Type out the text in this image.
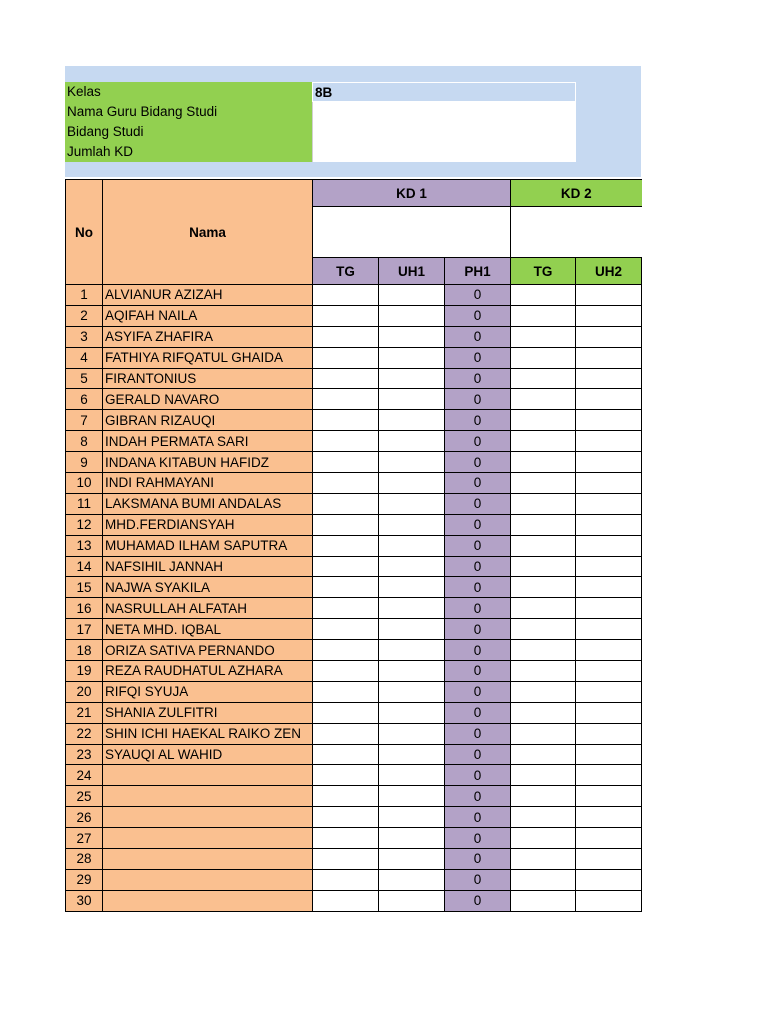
Kelas	8B
Nama Guru Bidang Studi
Bidang Studi
Jumlah KD
No	Nama	KD 1			KD 2	

		TG	UH1	PH1	TG	UH2
1	ALVIANUR AZIZAH			0		
2	AQIFAH NAILA			0		
3	ASYIFA ZHAFIRA			0		
4	FATHIYA RIFQATUL GHAIDA			0		
5	FIRANTONIUS			0		
6	GERALD NAVARO			0		
7	GIBRAN RIZAUQI			0		
8	INDAH PERMATA SARI			0		
9	INDANA KITABUN HAFIDZ			0		
10	INDI RAHMAYANI			0		
11	LAKSMANA BUMI ANDALAS			0		
12	MHD.FERDIANSYAH			0		
13	MUHAMAD ILHAM SAPUTRA			0		
14	NAFSIHIL JANNAH			0		
15	NAJWA SYAKILA			0		
16	NASRULLAH ALFATAH			0		
17	NETA MHD. IQBAL			0		
18	ORIZA SATIVA PERNANDO			0		
19	REZA RAUDHATUL AZHARA			0		
20	RIFQI SYUJA			0		
21	SHANIA ZULFITRI			0		
22	SHIN ICHI HAEKAL RAIKO ZEN			0		
23	SYAUQI AL WAHID			0		
24				0		
25				0		
26				0		
27				0		
28				0		
29				0		
30				0		
